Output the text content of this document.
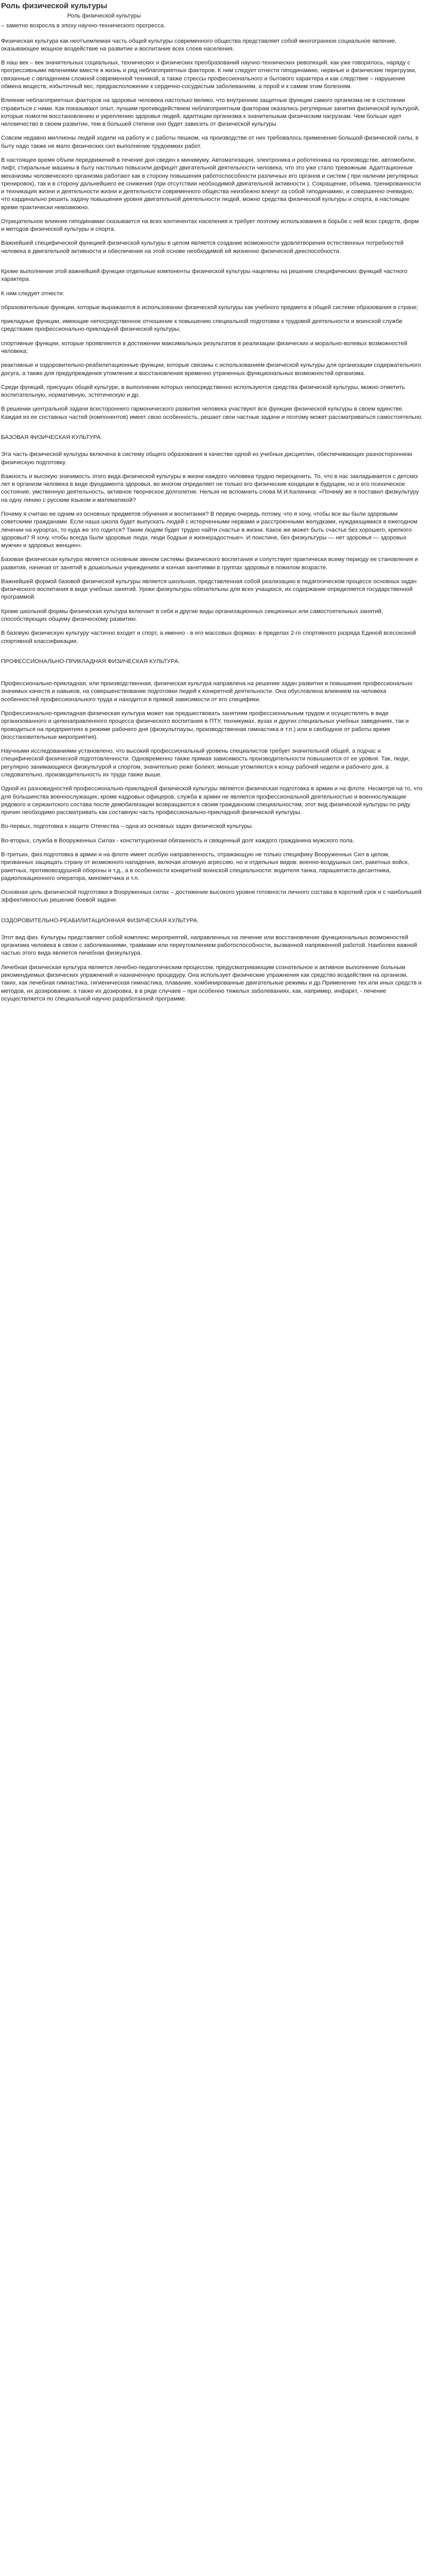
Роль физической культуры
Роль физической культуры
– заметно возросла в эпоху научно-технического прогресса.

Физическая культура как неотъемлемая часть общей культуры современного общества представляет собой многогранное социальное явление, оказывающее мощное воздействие на развитие и воспитание всех слоев населения.

В наш век – век значительных социальных, технических и физических преобразований научно-технических революций, как уже говорилось, наряду с прогрессивными явлениями вместе в жизнь и ряд неблагоприятных факторов. К ним следует отнести гиподинамию, нервные и физические перегрузки, связанные с овладением сложной современной техникой, а также стрессы профессионального и бытового характера и как следствие – нарушение обмена веществ, избыточный вес, предрасположение к сердечно-сосудистым заболеваниям, а порой и к самим этим болезням.

Влияние неблагоприятных факторов на здоровье человека настолько велико, что внутренние защитные функции самого организма не в состоянии справиться с ними. Как показывают опыт, лучшим противодействием неблагоприятным факторам оказались регулярные занятия физической культурой, которые помогли восстановлению и укреплению здоровья людей, адаптации организма к значительным физическим нагрузкам. Чем больше идет человечество в своем развитии, тем в большей степени оно будет зависеть от физической культуры.

Совсем недавно миллионы людей ходили на работу и с работы пешком, на производстве от них требовалось применение большой физической силы, в быту надо также не мало физических сил выполнение трудоемких работ.

В настоящее время объем передвижений в течение дня сведен к минимуму. Автоматизация, электроника и роботехника на производстве, автомобили, лифт, стиральные машины в быту настолько повысили дефицит двигательной деятельности человека, что это уже стало тревожным. Адаптационные механизмы человеческого организма работают как в сторону повышения работоспособности различных его органов и систем ( при наличии регулярных тренировок), так и в сторону дальнейшего ее снижения (при отсутствии необходимой двигательной активности ). Сокращение, объема, тренированности и техникация жизни и деятельности жизни и деятельности современного общества неизбежно влекут за собой гиподинамию, и совершенно очевидно, что кардинально решить задачу повышения уровня двигательной деятельности людей, можно средства физической культуры и спорта, в настоящее время практически невозможно.

Отрицательное влияние гиподинамии сказывается на всех континентах населения и требует поэтому использования в борьбе с ней всех средств, форм и методов физической культуры и спорта.

Важнейшей специфической функцией физической культуры в целом является создание возможности удовлетворения естественных потребностей человека в двигательной активности и обеспечения на этой основе необходимой ей жизненно физической дееспособности.

Кроме выполнения этой важнейшей функции отдельные компоненты физической культуры нацелены на решение специфических функций частного характера.

К ним следует отнести:

образовательные функции, которые выражаются в использовании физической культуры как учебного предмета в общей системе образования в стране;

прикладные функции, имеющие непосредственное отношение к повышению специальной подготовки к трудовой деятельности и воинской службе средствами профессионально-прикладной физической культуры;

спортивные функции, которые проявляются в достижении максимальных результатов в реализации физических и морально-волевых возможностей человека;

реактивные и оздоровительно-реабилитационные функции, которые связаны с использованием физической культуры для организации содержательного досуга, а также для предупреждения утомления и восстановления временно утраченных функциональных возможностей организма.

Среди функций, присущих общей культуре, в выполнении которых непосредственно используются средства физической культуры, можно отметить воспитательную, нормативную, эстетическую и др.

В решении центральной задачи всестороннего гармонического развития человека участвуют все функции физической культуры в своем единстве. Каждая из ее составных частей (компонентов) имеет свою особенность, решает свои частные задачи и поэтому может рассматриваться самостоятельно.

БАЗОВАЯ ФИЗИЧЕСКАЯ КУЛЬТУРА.

Эта часть физической культуры включена в систему общего образования в качестве одной из учебных дисциплин, обеспечивающих разностороннюю физическую подготовку.

Важность и высокую значимость этого вида физической культуры в жизни каждого человека трудно переоценить. То, что в нас закладывается с детских лет в организм человека в виде фундамента здоровья, во многом определяет не только его физические кондиции в будущем, но и его психическое состояние, умственную деятельность, активное творческое долголетие. Нельзя не вспомнить слова М.И.Калинина: «Почему же я поставил физкультуру на одну линию с русским языком и математикой?

Почему я считаю ее одним из основных предметов обучения и воспитания? В первую очередь потому, что я хочу, чтобы все вы были здоровыми советскими гражданами. Если наша школа будет выпускать людей с истерченными нервами и расстроенными желудками, нуждающимися в ежегодном лечении на курортах, то куда же это годится? Таким людям будет трудно найти счастье в жизни. Какое же может быть счастье без хорошего, крепкого здоровья? Я хочу, чтобы всегда были здоровые люди, люди бодрые и жизнерадостные». И поистине, без физкультуры — нет здоровья — здоровых мужчин и здоровых женщин».

Базовая физическая культура является основным звеном системы физического воспитания и сопутствует практически всему периоду ее становления и развития, начиная от занятий в дошкольных учреждениях и кончая занятиями в группах здоровья в пожилом возрасте.

Важнейшей формой базовой физической культуры является школьная, представленная собой реализацию в педагогическом процессе основных задач физического воспитания в виде учебных занятий. Уроки физкультуры обязательны для всех учащихся, их содержание определяется государственной программой.

Кроме школьной формы физическая культура включает в себя и другие виды организационных секционных или самостоятельных занятий, способствующих общему физическому развитию.

В базовую физическую культуру частично входит и спорт, а именно - в его массовых формах- в пределах 2-го спортивного разряда Единой всесоюзной спортивной классификации.

ПРОФЕССИОНАЛЬНО-ПРИКЛАДНАЯ ФИЗИЧЕСКАЯ КУЛЬТУРА.

Профессионально-прикладная, или производственная, физическая культура направлена на решение задач развития и повышения профессионально значимых качеств и навыков, на совершенствование подготовки людей к конкретной деятельности. Она обусловлена влиянием на человека особенностей профессионального труда и находится в прямой зависимости от его специфики.

Профессионально-прикладная физическая культура может как предшествовать занятиям профессиональным трудом и осуществлять в виде организованного и целенаправленного процесса физического воспитания в ПТУ, техникумах, вузах и других специальных учебных заведениях, так и проводиться на предприятиях в режиме рабочего дня (физкультпаузы, производственная гимнастика и т.п.) или в свободное от работы время (восстановительные мероприятия).

Научными исследованиями установлено, что высокий профессиональный уровень специалистов требует значительной общей, а подчас и специфической физической подготовленности. Одновременно также прямая зависимость производительности повышаются от ее уровня. Так, люди, регулярно занимающиеся физкультурой и спортом, значительно реже болеют, меньше утомляются к концу рабочей недели и рабочего дня, а следовательно, производительность их труда также выше.

Одной из разновидностей профессионально-прикладной физической культуры является физическая подготовка в армии и на флоте. Несмотря на то, что для большинства военнослужащих, кроме кадровых офицеров, служба в армии не является профессиональной деятельностью и военнослужащие рядового и сержантского состава после демобилизации возвращаются к своим гражданским специальностям, этот вид физической культуры по ряду причин необходимо рассматривать как составную часть профессионально-прикладной физической культуры.

Во-первых, подготовка к защите Отечества – одна из основных задач физической культуры.

Во-вторых, служба в Вооруженных Силах - конституционная обязанность и священный долг каждого гражданина мужского пола.

В-третьих, физ.подготовка в армии и на флоте имеет особую направленность, отражающую не только специфику Вооруженных Сил в целом, призванных защищать страну от возможного нападения, включая атомную агрессию, но и отдельных видов: военно-воздушных сил, ракетных войск, ракетных, противовоздушной обороны и т.д., а в особенности конкретной воинской специальности: водителя танка, парашютиста-десантника, радиолокационного оператора, минометчика и т.п.

Основная цель физической подготовки в Вооруженных силах – достижение высокого уровня готовности личного состава в короткий срок и с наибольшей эффективностью решение боевой задачи.

ОЗДОРОВИТЕЛЬНО-РЕАБИЛИТАЦИОННАЯ ФИЗИЧЕСКАЯ КУЛЬТУРА.

Этот вид физ. Культуры представляет собой комплекс мероприятий, направленных на лечение или восстановление функциональных возможностей организма человека в связи с заболеваниями, травмами или переутомлением работоспособности, вызванной напряженной работой. Наиболее важной частью этого вида является лечебная физкультура.

Лечебная физическая культура является лечебно-педагогическим процессом, предусматривающим сознательное и активное выполнение больным рекомендуемых физических упражнений и назначенную процедуру. Она использует физические упражнения как средство воздействия на организм, таких, как лечебная гимнастика, гигиеническая гимнастика, плавание, комбинированные двигательные режимы и др.Применение тех или иных средств и методов, их дозирование, а также их дозировка, в в ряде случаев – при особенно тяжелых заболеваниях, как, например, инфаркт, - лечение осуществляется по специальной научно разработанной программе.
